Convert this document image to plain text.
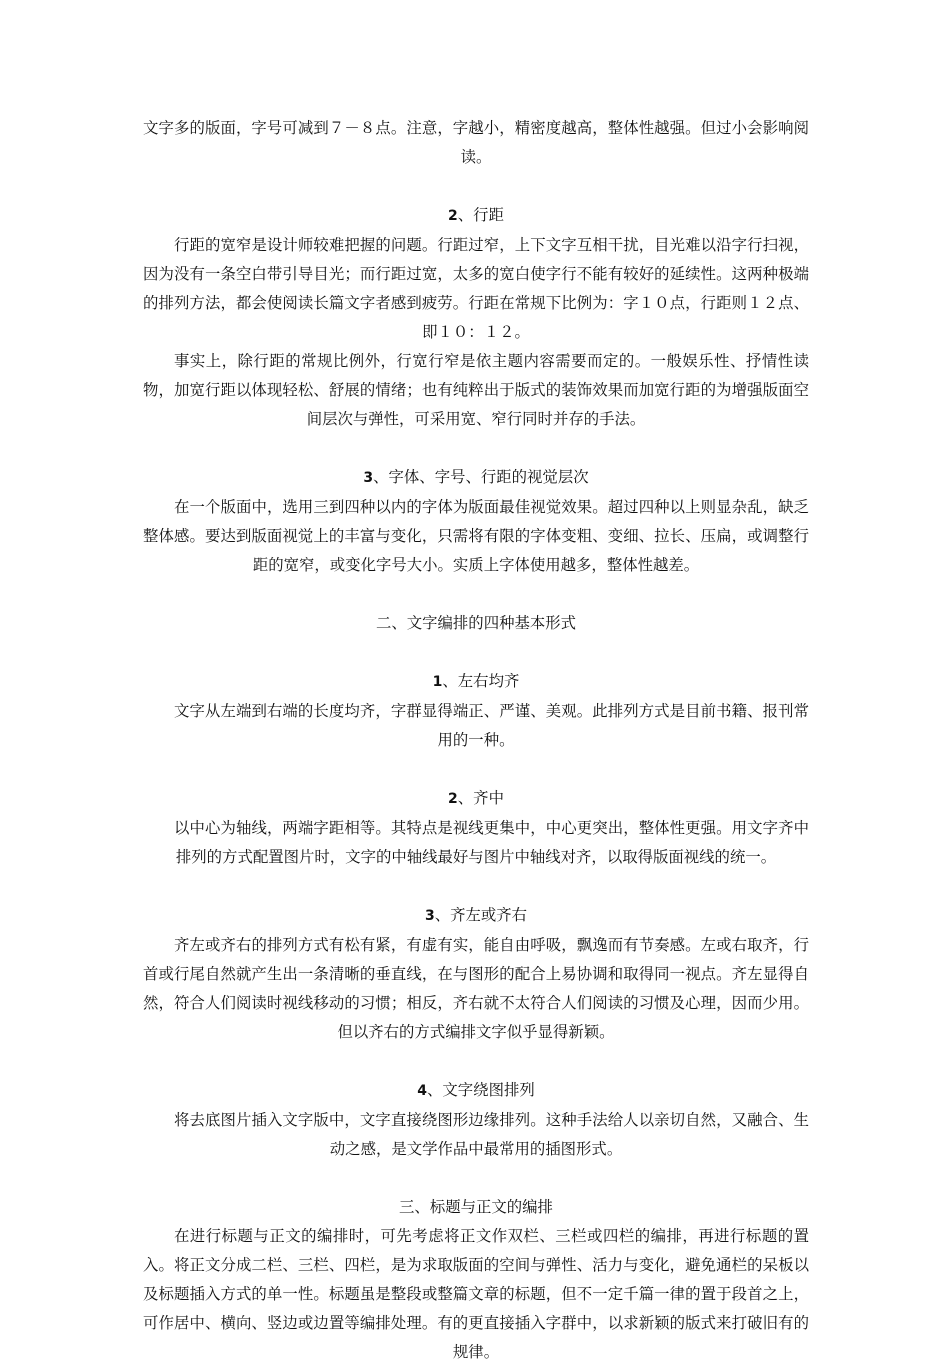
文字多的版面，字号可减到７－８点。注意，字越小，精密度越高，整体性越强。但过小会影响阅读。

2、行距

行距的宽窄是设计师较难把握的问题。行距过窄，上下文字互相干扰，目光难以沿字行扫视，因为没有一条空白带引导目光；而行距过宽，太多的宽白使字行不能有较好的延续性。这两种极端的排列方法，都会使阅读长篇文字者感到疲劳。行距在常规下比例为：字１０点，行距则１２点、即１０：１２。

事实上，除行距的常规比例外，行宽行窄是依主题内容需要而定的。一般娱乐性、抒情性读物，加宽行距以体现轻松、舒展的情绪；也有纯粹出于版式的装饰效果而加宽行距的为增强版面空间层次与弹性，可采用宽、窄行同时并存的手法。

3、字体、字号、行距的视觉层次

在一个版面中，选用三到四种以内的字体为版面最佳视觉效果。超过四种以上则显杂乱，缺乏整体感。要达到版面视觉上的丰富与变化，只需将有限的字体变粗、变细、拉长、压扁，或调整行距的宽窄，或变化字号大小。实质上字体使用越多，整体性越差。

二、文字编排的四种基本形式
1、左右均齐

文字从左端到右端的长度均齐，字群显得端正、严谨、美观。此排列方式是目前书籍、报刊常用的一种。

2、齐中

以中心为轴线，两端字距相等。其特点是视线更集中，中心更突出，整体性更强。用文字齐中排列的方式配置图片时，文字的中轴线最好与图片中轴线对齐，以取得版面视线的统一。

3、齐左或齐右

齐左或齐右的排列方式有松有紧，有虚有实，能自由呼吸，飘逸而有节奏感。左或右取齐，行首或行尾自然就产生出一条清晰的垂直线，在与图形的配合上易协调和取得同一视点。齐左显得自然，符合人们阅读时视线移动的习惯；相反，齐右就不太符合人们阅读的习惯及心理，因而少用。但以齐右的方式编排文字似乎显得新颖。

4、文字绕图排列

将去底图片插入文字版中，文字直接绕图形边缘排列。这种手法给人以亲切自然，又融合、生动之感，是文学作品中最常用的插图形式。

三、标题与正文的编排

在进行标题与正文的编排时，可先考虑将正文作双栏、三栏或四栏的编排，再进行标题的置入。将正文分成二栏、三栏、四栏，是为求取版面的空间与弹性、活力与变化，避免通栏的呆板以及标题插入方式的单一性。标题虽是整段或整篇文章的标题，但不一定千篇一律的置于段首之上，可作居中、横向、竖边或边置等编排处理。有的更直接插入字群中，以求新颖的版式来打破旧有的规律。
